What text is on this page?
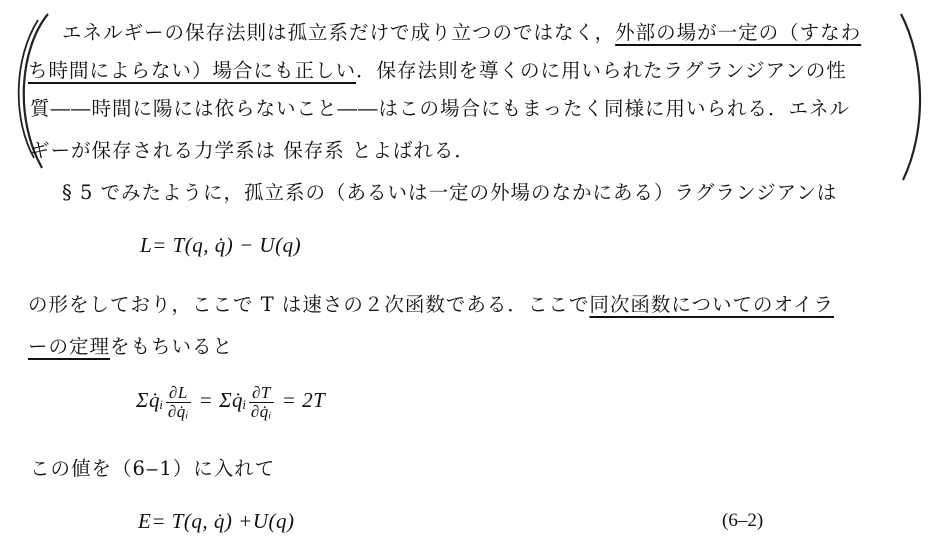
エネルギーの保存法則は孤立系だけで成り立つのではなく，外部の場が一定の（すなわ
ち時間によらない）場合にも正しい．保存法則を導くのに用いられたラグランジアンの性
質――時間に陽には依らないこと――はこの場合にもまったく同様に用いられる．エネル
ギーが保存される力学系は 保存系 とよばれる．
§ 5 でみたように，孤立系の（あるいは一定の外場のなかにある）ラグランジアンは
L= T(q, q̇) − U(q)
の形をしており，ここで T は速さの２次函数である．ここで同次函数についてのオイラ
ーの定理をもちいると
Σq̇ᵢ $\frac{\partial L}{\text{∂q̇ᵢ}}$ = Σq̇ᵢ $\frac{\partial T}{\text{∂q̇ᵢ}} = 2T$
この値を（6‒1）に入れて
E= T(q, q̇) +U(q)	(6‒2)
